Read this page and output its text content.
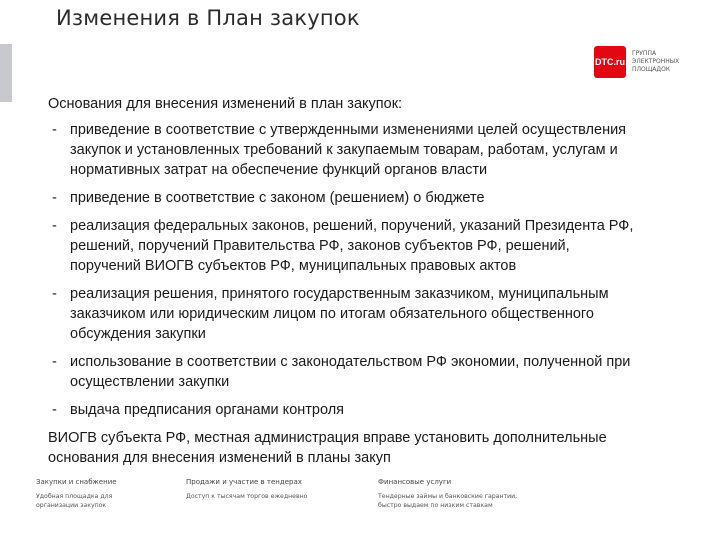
Изменения в План закупок
DTC.ru
ГРУППА
ЭЛЕКТРОННЫХ
ПЛОЩАДОК
Основания для внесения изменений в план закупок:
- приведение в соответствие с утвержденными изменениями целей осуществления
закупок и установленных требований к закупаемым товарам, работам, услугам и
нормативных затрат на обеспечение функций органов власти
- приведение в соответствие с законом (решением) о бюджете
- реализация федеральных законов, решений, поручений, указаний Президента РФ,
решений, поручений Правительства РФ, законов субъектов РФ, решений,
поручений ВИОГВ субъектов РФ, муниципальных правовых актов
- реализация решения, принятого государственным заказчиком, муниципальным
заказчиком или юридическим лицом по итогам обязательного общественного
обсуждения закупки
- использование в соответствии с законодательством РФ экономии, полученной при
осуществлении закупки
- выдача предписания органами контроля
ВИОГВ субъекта РФ, местная администрация вправе установить дополнительные
основания для внесения изменений в планы закуп
Закупки и снабжение
Удобная площадка для
организации закупок
Продажи и участие в тендерах
Доступ к тысячам торгов ежедневно
Финансовые услуги
Тендерные займы и банковские гарантии,
быстро выдаем по низким ставкам
